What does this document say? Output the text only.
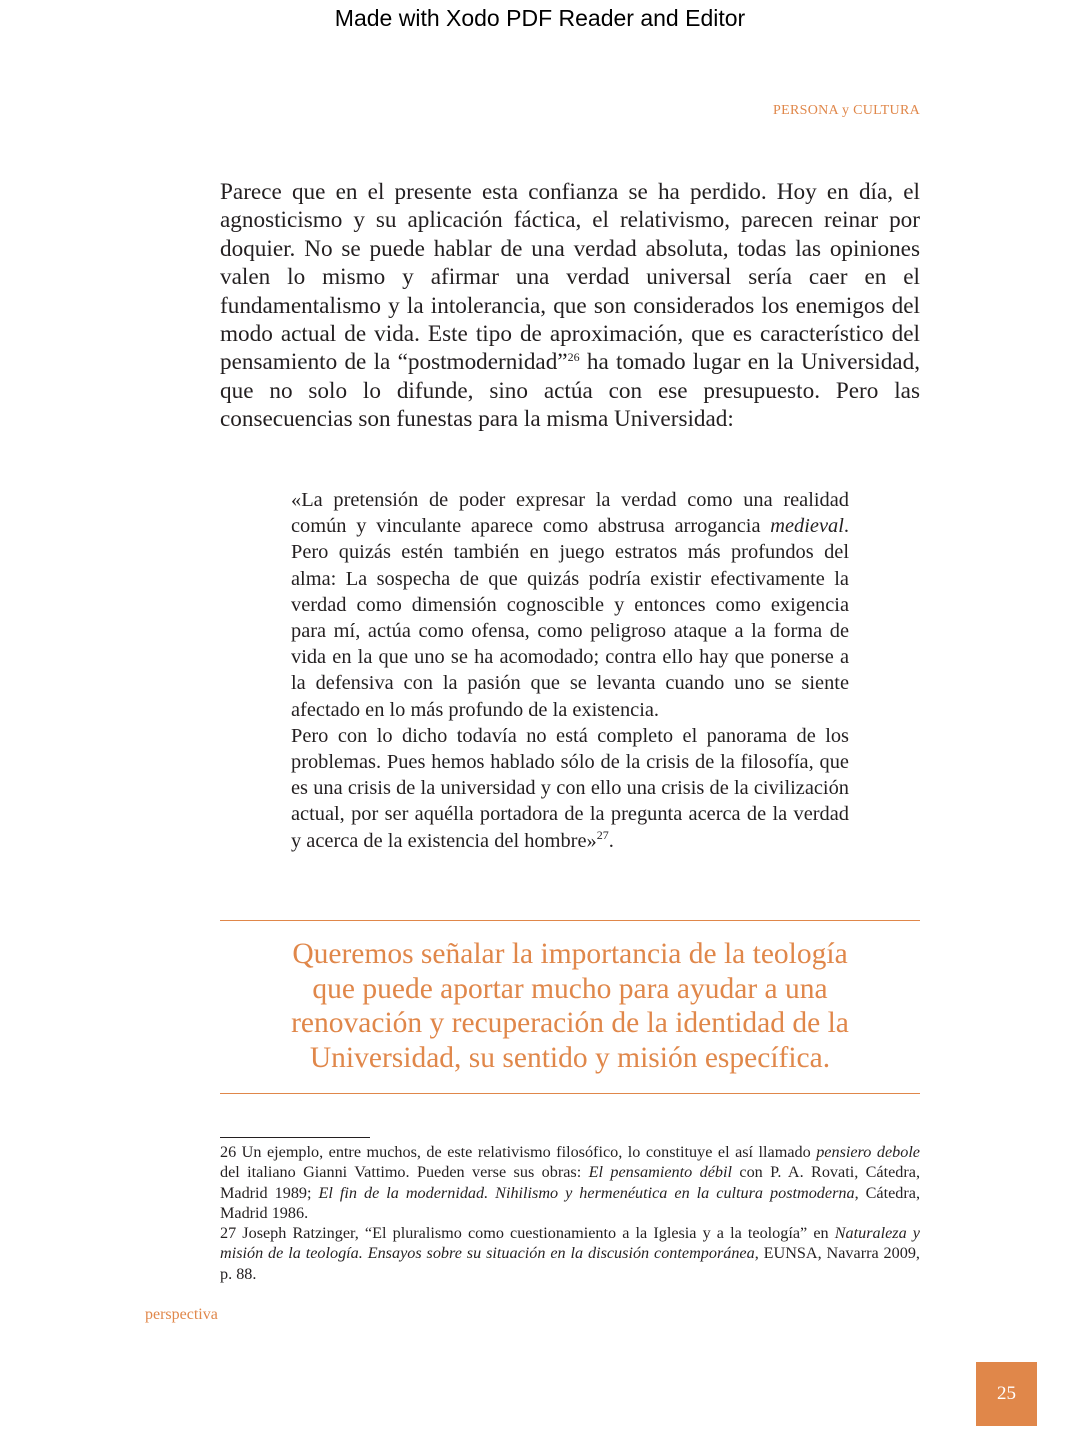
Made with Xodo PDF Reader and Editor
PERSONA y CULTURA

Parece que en el presente esta confianza se ha perdido. Hoy en día, el agnosticismo y su aplicación fáctica, el relativismo, parecen reinar por doquier. No se puede hablar de una verdad absoluta, todas las opiniones valen lo mismo y afirmar una verdad universal sería caer en el fundamentalismo y la intolerancia, que son considerados los enemigos del modo actual de vida. Este tipo de aproximación, que es característico del pensamiento de la “postmodernidad”$^{26}$ ha tomado lugar en la Universidad, que no solo lo difunde, sino actúa con ese presupuesto. Pero las consecuencias son funestas para la misma Universidad:

«La pretensión de poder expresar la verdad como una realidad común y vinculante aparece como abstrusa arrogancia medieval. Pero quizás estén también en juego estratos más profundos del alma: La sospecha de que quizás podría existir efectivamente la verdad como dimensión cognoscible y entonces como exigencia para mí, actúa como ofensa, como peligroso ataque a la forma de vida en la que uno se ha acomodado; contra ello hay que ponerse a la defensiva con la pasión que se levanta cuando uno se siente afectado en lo más profundo de la existencia.

Pero con lo dicho todavía no está completo el panorama de los problemas. Pues hemos hablado sólo de la crisis de la filosofía, que es una crisis de la universidad y con ello una crisis de la civilización actual, por ser aquélla portadora de la pregunta acerca de la verdad y acerca de la existencia del hombre»$^{27}$.

Queremos señalar la importancia de la teología
que puede aportar mucho para ayudar a una
renovación y recuperación de la identidad de la
Universidad, su sentido y misión específica.

26 Un ejemplo, entre muchos, de este relativismo filosófico, lo constituye el así llamado pensiero debole del italiano Gianni Vattimo. Pueden verse sus obras: El pensamiento débil con P. A. Rovati, Cátedra, Madrid 1989; El fin de la modernidad. Nihilismo y hermenéutica en la cultura postmoderna, Cátedra, Madrid 1986.

27 Joseph Ratzinger, “El pluralismo como cuestionamiento a la Iglesia y a la teología” en Naturaleza y misión de la teología. Ensayos sobre su situación en la discusión contemporánea, EUNSA, Navarra 2009, p. 88.

perspectiva
25
